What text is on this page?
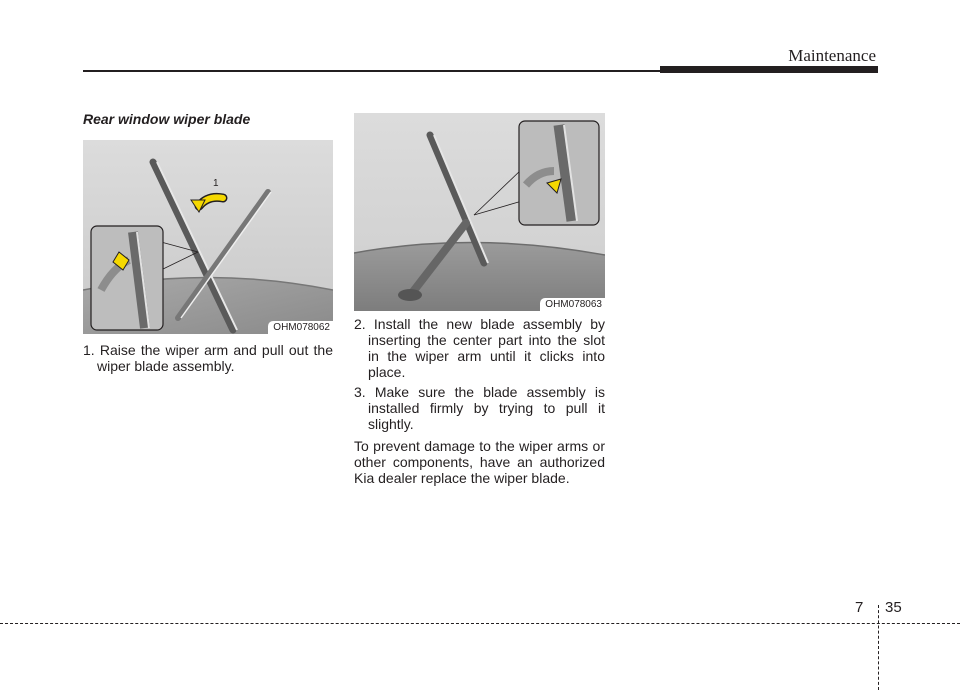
Maintenance
Rear window wiper blade
1
OHM078062
OHM078063
1. Raise the wiper arm and pull out the wiper blade assembly.
2. Install the new blade assembly by inserting the center part into the slot in the wiper arm until it clicks into place.
3. Make sure the blade assembly is installed firmly by trying to pull it slightly.
To prevent damage to the wiper arms or other components, have an authorized Kia dealer replace the wiper blade.
7 35
